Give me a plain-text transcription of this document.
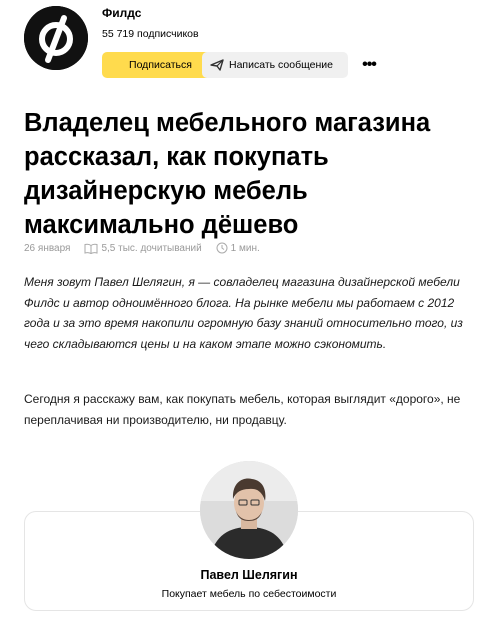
Филдс
55 719 подписчиков
Подписаться	Написать сообщение •••
Владелец мебельного магазина рассказал, как покупать дизайнерскую мебель максимально дёшево
26 января	5,5 тыс. дочитываний	1 мин.

Меня зовут Павел Шелягин, я — совладелец магазина дизайнерской мебели Филдс и автор одноимённого блога. На рынке мебели мы работаем с 2012 года и за это время накопили огромную базу знаний относительно того, из чего складываются цены и на каком этапе можно сэкономить.

Сегодня я расскажу вам, как покупать мебель, которая выглядит «дорого», не переплачивая ни производителю, ни продавцу.

Павел Шелягин
Покупает мебель по себестоимости
